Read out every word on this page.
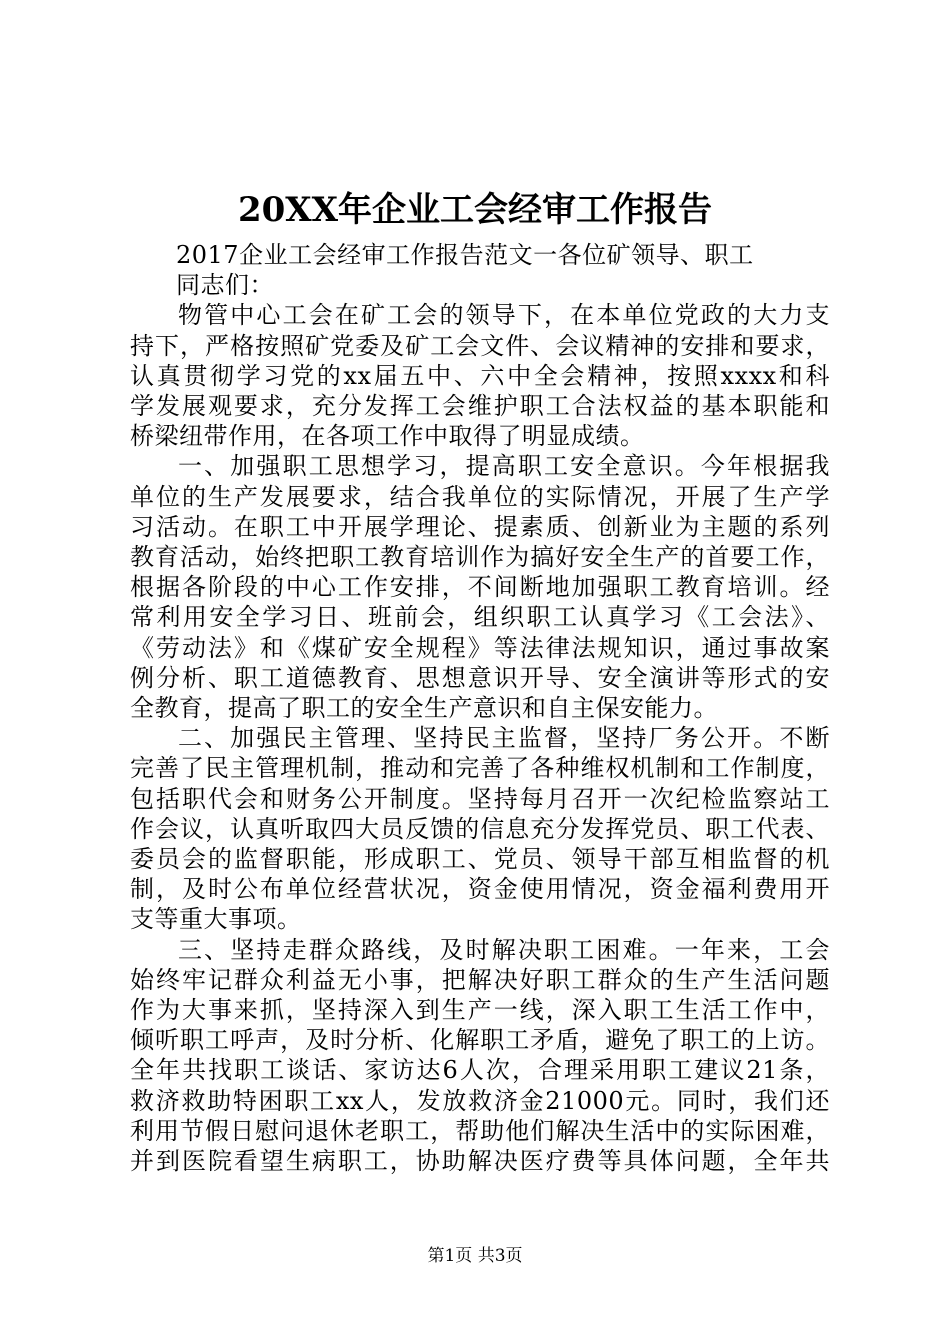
20XX年企业工会经审工作报告
2017企业工会经审工作报告范文一各位矿领导、职工
同志们：
物管中心工会在矿工会的领导下，在本单位党政的大力支
持下，严格按照矿党委及矿工会文件、会议精神的安排和要求，
认真贯彻学习党的xx届五中、六中全会精神，按照xxxx和科
学发展观要求，充分发挥工会维护职工合法权益的基本职能和
桥梁纽带作用，在各项工作中取得了明显成绩。
一、加强职工思想学习，提高职工安全意识。今年根据我
单位的生产发展要求，结合我单位的实际情况，开展了生产学
习活动。在职工中开展学理论、提素质、创新业为主题的系列
教育活动，始终把职工教育培训作为搞好安全生产的首要工作，
根据各阶段的中心工作安排，不间断地加强职工教育培训。经
常利用安全学习日、班前会，组织职工认真学习《工会法》、
《劳动法》和《煤矿安全规程》等法律法规知识，通过事故案
例分析、职工道德教育、思想意识开导、安全演讲等形式的安
全教育，提高了职工的安全生产意识和自主保安能力。
二、加强民主管理、坚持民主监督，坚持厂务公开。不断
完善了民主管理机制，推动和完善了各种维权机制和工作制度，
包括职代会和财务公开制度。坚持每月召开一次纪检监察站工
作会议，认真听取四大员反馈的信息充分发挥党员、职工代表、
委员会的监督职能，形成职工、党员、领导干部互相监督的机
制，及时公布单位经营状况，资金使用情况，资金福利费用开
支等重大事项。
三、坚持走群众路线，及时解决职工困难。一年来，工会
始终牢记群众利益无小事，把解决好职工群众的生产生活问题
作为大事来抓，坚持深入到生产一线，深入职工生活工作中，
倾听职工呼声，及时分析、化解职工矛盾，避免了职工的上访。
全年共找职工谈话、家访达6人次，合理采用职工建议21条，
救济救助特困职工xx人，发放救济金21000元。同时，我们还
利用节假日慰问退休老职工，帮助他们解决生活中的实际困难，
并到医院看望生病职工，协助解决医疗费等具体问题，全年共
第1页 共3页
